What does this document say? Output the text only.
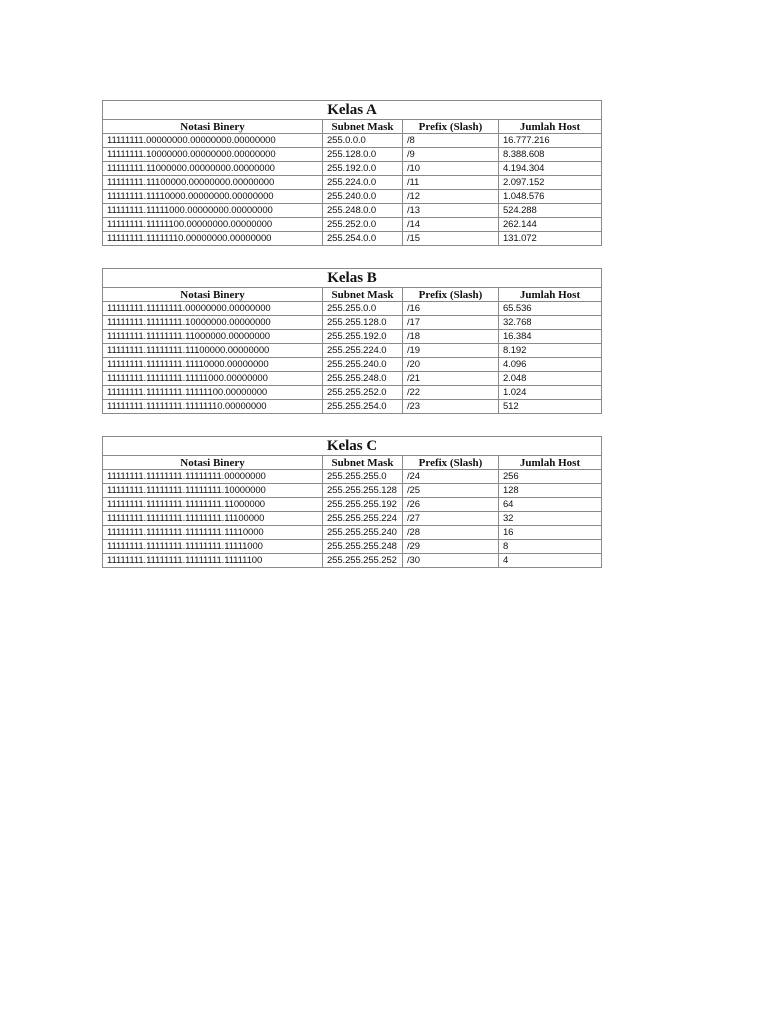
Kelas A			
Notasi Binery	Subnet Mask	Prefix (Slash)	Jumlah Host
11111111.00000000.00000000.00000000	255.0.0.0	/8	16.777.216
11111111.10000000.00000000.00000000	255.128.0.0	/9	8.388.608
11111111.11000000.00000000.00000000	255.192.0.0	/10	4.194.304
11111111.11100000.00000000.00000000	255.224.0.0	/11	2.097.152
11111111.11110000.00000000.00000000	255.240.0.0	/12	1.048.576
11111111.11111000.00000000.00000000	255.248.0.0	/13	524.288
11111111.11111100.00000000.00000000	255.252.0.0	/14	262.144
11111111.11111110.00000000.00000000	255.254.0.0	/15	131.072
Kelas B			
Notasi Binery	Subnet Mask	Prefix (Slash)	Jumlah Host
11111111.11111111.00000000.00000000	255.255.0.0	/16	65.536
11111111.11111111.10000000.00000000	255.255.128.0	/17	32.768
11111111.11111111.11000000.00000000	255.255.192.0	/18	16.384
11111111.11111111.11100000.00000000	255.255.224.0	/19	8.192
11111111.11111111.11110000.00000000	255.255.240.0	/20	4.096
11111111.11111111.11111000.00000000	255.255.248.0	/21	2.048
11111111.11111111.11111100.00000000	255.255.252.0	/22	1.024
11111111.11111111.11111110.00000000	255.255.254.0	/23	512
Kelas C			
Notasi Binery	Subnet Mask	Prefix (Slash)	Jumlah Host
11111111.11111111.11111111.00000000	255.255.255.0	/24	256
11111111.11111111.11111111.10000000	255.255.255.128	/25	128
11111111.11111111.11111111.11000000	255.255.255.192	/26	64
11111111.11111111.11111111.11100000	255.255.255.224	/27	32
11111111.11111111.11111111.11110000	255.255.255.240	/28	16
11111111.11111111.11111111.11111000	255.255.255.248	/29	8
11111111.11111111.11111111.11111100	255.255.255.252	/30	4
